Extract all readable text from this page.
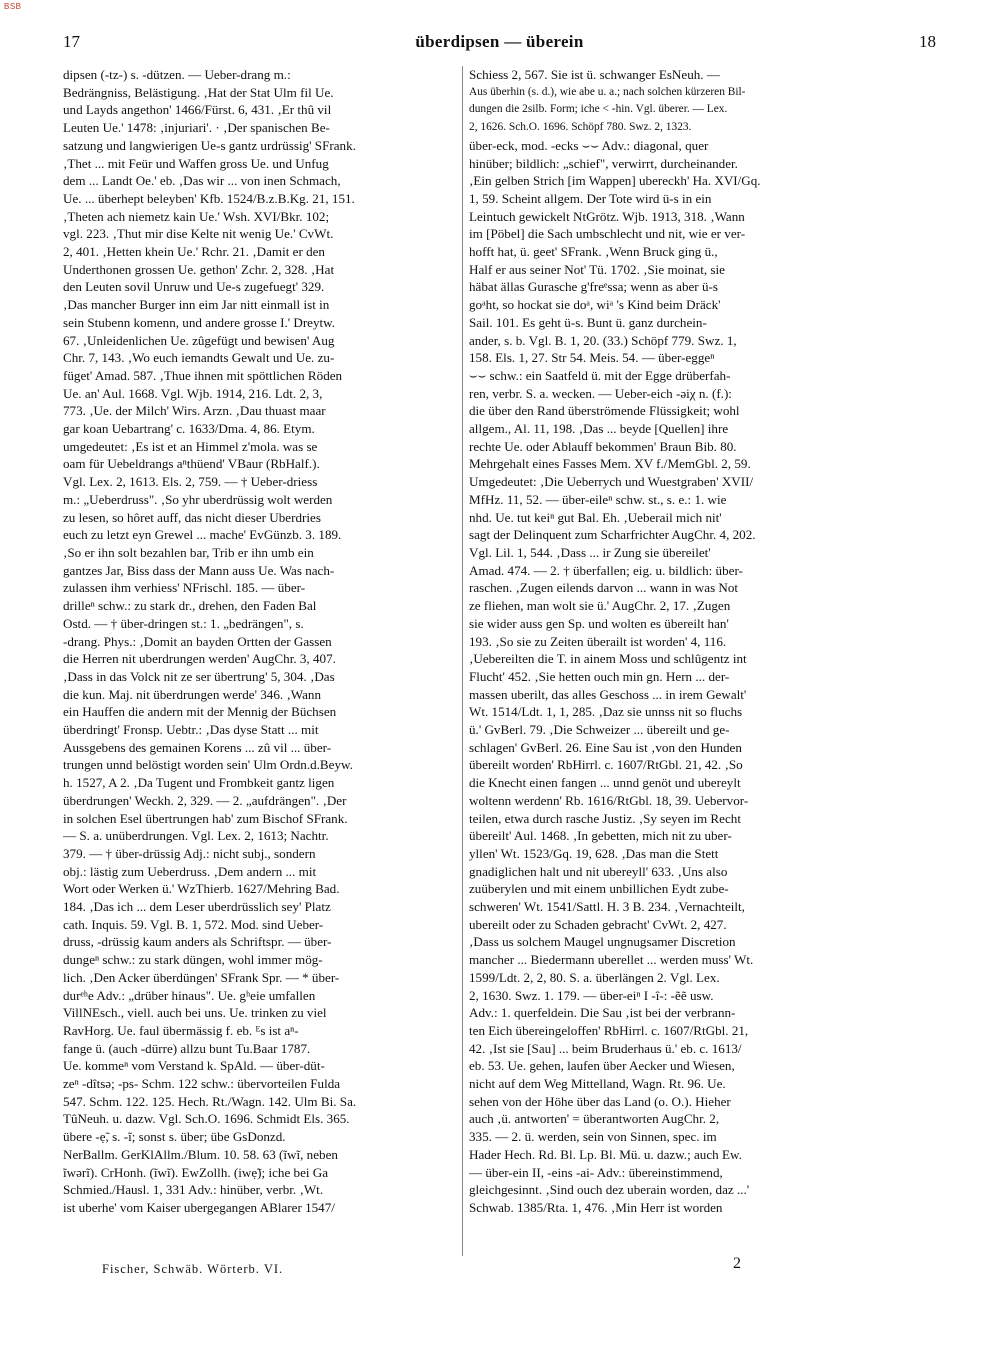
BSB
17	überdipsen — überein	18
dipsen (-tz-) s. -dützen. — Ueber-drang m.:
Bedrängniss, Belästigung. ‚Hat der Stat Ulm fil Ue.
und Layds angethon' 1466/Fürst. 6, 431. ‚Er thû vil
Leuten Ue.' 1478: ‚injuriari'. · ‚Der spanischen Be-
satzung und langwierigen Ue-s gantz urdrüssig' SFrank.
‚Thet ... mit Feür und Waffen gross Ue. und Unfug
dem ... Landt Oe.' eb. ‚Das wir ... von inen Schmach,
Ue. ... überhept beleyben' Kfb. 1524/B.z.B.Kg. 21, 151.
‚Theten ach niemetz kain Ue.' Wsh. XVI/Bkr. 102;
vgl. 223. ‚Thut mir dise Kelte nit wenig Ue.' CvWt.
2, 401. ‚Hetten khein Ue.' Rchr. 21. ‚Damit er den
Underthonen grossen Ue. gethon' Zchr. 2, 328. ‚Hat
den Leuten sovil Unruw und Ue-s zugefuegt' 329.
‚Das mancher Burger inn eim Jar nitt einmall ist in
sein Stubenn komenn, und andere grosse I.' Dreytw.
67. ‚Unleidenlichen Ue. zûgefügt und bewisen' Aug
Chr. 7, 143. ‚Wo euch iemandts Gewalt und Ue. zu-
füget' Amad. 587. ‚Thue ihnen mit spöttlichen Röden
Ue. an' Aul. 1668. Vgl. Wjb. 1914, 216. Ldt. 2, 3,
773. ‚Ue. der Milch' Wirs. Arzn. ‚Dau thuast maar
gar koan Uebartrang' c. 1633/Dma. 4, 86. Etym.
umgedeutet: ‚Es ist et an Himmel z'mola. was se
oam für Uebeldrangs aⁿthüend' VBaur (RbHalf.).
Vgl. Lex. 2, 1613. Els. 2, 759. — † Ueber-driess
m.: „Ueberdruss". ‚So yhr uberdrüssig wolt werden
zu lesen, so hôret auff, das nicht dieser Uberdries
euch zu letzt eyn Grewel ... mache' EvGünzb. 3. 189.
‚So er ihn solt bezahlen bar, Trib er ihn umb ein
gantzes Jar, Biss dass der Mann auss Ue. Was nach-
zulassen ihm verhiess' NFrischl. 185. — über-
drilleⁿ schw.: zu stark dr., drehen, den Faden Bal
Ostd. — † über-dringen st.: 1. „bedrängen", s.
-drang. Phys.: ‚Domit an bayden Ortten der Gassen
die Herren nit uberdrungen werden' AugChr. 3, 407.
‚Dass in das Volck nit ze ser übertrung' 5, 304. ‚Das
die kun. Maj. nit überdrungen werde' 346. ‚Wann
ein Hauffen die andern mit der Mennig der Büchsen
überdringt' Fronsp. Uebtr.: ‚Das dyse Statt ... mit
Aussgebens des gemainen Korens ... zû vil ... über-
trungen unnd belöstigt worden sein' Ulm Ordn.d.Beyw.
h. 1527, A 2. ‚Da Tugent und Frombkeit gantz ligen
überdrungen' Weckh. 2, 329. — 2. „aufdrängen". ‚Der
in solchen Esel übertrungen hab' zum Bischof SFrank.
— S. a. unüberdrungen. Vgl. Lex. 2, 1613; Nachtr.
379. — † über-drüssig Adj.: nicht subj., sondern
obj.: lästig zum Ueberdruss. ‚Dem andern ... mit
Wort oder Werken ü.' WzThierb. 1627/Mehring Bad.
184. ‚Das ich ... dem Leser uberdrüsslich sey' Platz
cath. Inquis. 59. Vgl. B. 1, 572. Mod. sind Ueber-
druss, -drüssig kaum anders als Schriftspr. — über-
dungeⁿ schw.: zu stark düngen, wohl immer mög-
lich. ‚Den Acker überdüngen' SFrank Spr. — * über-
durᵉʰe Adv.: „drüber hinaus". Ue. gʰeie umfallen
VillNEsch., viell. auch bei uns. Ue. trinken zu viel
RavHorg. Ue. faul übermässig f. eb. ᴱs ist aⁿ-
fange ü. (auch -dürre) allzu bunt Tu.Baar 1787.
Ue. kommeⁿ vom Verstand k. SpAld. — über-düt-
zeⁿ -dîtsə; -ps- Schm. 122 schw.: übervorteilen Fulda
547. Schm. 122. 125. Hech. Rt./Wagn. 142. Ulm Bi. Sa.
TûNeuh. u. dazw. Vgl. Sch.O. 1696. Schmidt Els. 365.
übere -ẹ̃, s. -ĩ; sonst s. über; übe GsDonzd.
NerBallm. GerKlAllm./Blum. 10. 58. 63 (ĩwĩ, neben
ĩwərĩ). CrHonh. (ĩwĩ). EwZollh. (iwẹ̃); iche bei Ga
Schmied./Hausl. 1, 331 Adv.: hinüber, verbr. ‚Wt.
ist uberhe' vom Kaiser ubergegangen ABlarer 1547/
Schiess 2, 567. Sie ist ü. schwanger EsNeuh. —
Aus überhin (s. d.), wie abe u. a.; nach solchen kürzeren Bil-
dungen die 2silb. Form; iche < -hin. Vgl. überer. — Lex.
2, 1626. Sch.O. 1696. Schöpf 780. Swz. 2, 1323.
über-eck, mod. -ecks ⌣⌣ Adv.: diagonal, quer
hinüber; bildlich: „schief", verwirrt, durcheinander.
‚Ein gelben Strich [im Wappen] ubereckh' Ha. XVI/Gq.
1, 59. Scheint allgem. Der Tote wird ü-s in ein
Leintuch gewickelt NtGrötz. Wjb. 1913, 318. ‚Wann
im [Pöbel] die Sach umbschlecht und nit, wie er ver-
hofft hat, ü. geet' SFrank. ‚Wenn Bruck ging ü.,
Half er aus seiner Not' Tü. 1702. ‚Sie moinat, sie
häbat ällas Gurasche g'freᵉssa; wenn as aber ü-s
goᵃht, so hockat sie doᵃ, wiᵃ 's Kind beim Dräck'
Sail. 101. Es geht ü-s. Bunt ü. ganz durchein-
ander, s. b. Vgl. B. 1, 20. (33.) Schöpf 779. Swz. 1,
158. Els. 1, 27. Str 54. Meis. 54. — über-eggeⁿ
⌣⌣ schw.: ein Saatfeld ü. mit der Egge drüberfah-
ren, verbr. S. a. wecken. — Ueber-eich -əiχ n. (f.):
die über den Rand überströmende Flüssigkeit; wohl
allgem., Al. 11, 198. ‚Das ... beyde [Quellen] ihre
rechte Ue. oder Ablauff bekommen' Braun Bib. 80.
Mehrgehalt eines Fasses Mem. XV f./MemGbl. 2, 59.
Umgedeutet: ‚Die Ueberrych und Wuestgraben' XVII/
MfHz. 11, 52. — über-eileⁿ schw. st., s. e.: 1. wie
nhd. Ue. tut keiⁿ gut Bal. Eh. ‚Ueberail mich nit'
sagt der Delinquent zum Scharfrichter AugChr. 4, 202.
Vgl. Lil. 1, 544. ‚Dass ... ir Zung sie übereilet'
Amad. 474. — 2. † überfallen; eig. u. bildlich: über-
raschen. ‚Zugen eilends darvon ... wann in was Not
ze fliehen, man wolt sie ü.' AugChr. 2, 17. ‚Zugen
sie wider auss gen Sp. und wolten es übereilt han'
193. ‚So sie zu Zeiten überailt ist worden' 4, 116.
‚Uebereilten die T. in ainem Moss und schlûgentz int
Flucht' 452. ‚Sie hetten ouch min gn. Hern ... der-
massen uberilt, das alles Geschoss ... in irem Gewalt'
Wt. 1514/Ldt. 1, 1, 285. ‚Daz sie unnss nit so fluchs
ü.' GvBerl. 79. ‚Die Schweizer ... übereilt und ge-
schlagen' GvBerl. 26. Eine Sau ist ‚von den Hunden
übereilt worden' RbHirrl. c. 1607/RtGbl. 21, 42. ‚So
die Knecht einen fangen ... unnd genöt und ubereylt
woltenn werdenn' Rb. 1616/RtGbl. 18, 39. Uebervor-
teilen, etwa durch rasche Justiz. ‚Sy seyen im Recht
übereilt' Aul. 1468. ‚In gebetten, mich nit zu uber-
yllen' Wt. 1523/Gq. 19, 628. ‚Das man die Stett
gnadiglichen halt und nit ubereyll' 633. ‚Uns also
zuüberylen und mit einem unbillichen Eydt zube-
schweren' Wt. 1541/Sattl. H. 3 B. 234. ‚Vernachteilt,
ubereilt oder zu Schaden gebracht' CvWt. 2, 427.
‚Dass us solchem Maugel ungnugsamer Discretion
mancher ... Biedermann uberellet ... werden muss' Wt.
1599/Ldt. 2, 2, 80. S. a. überlängen 2. Vgl. Lex.
2, 1630. Swz. 1. 179. — über-eiⁿ I -î-: -ẽẽ usw.
Adv.: 1. querfeldein. Die Sau ‚ist bei der verbrann-
ten Eich übereingeloffen' RbHirrl. c. 1607/RtGbl. 21,
42. ‚Ist sie [Sau] ... beim Bruderhaus ü.' eb. c. 1613/
eb. 53. Ue. gehen, laufen über Aecker und Wiesen,
nicht auf dem Weg Mittelland, Wagn. Rt. 96. Ue.
sehen von der Höhe über das Land (o. O.). Hieher
auch ‚ü. antworten' = überantworten AugChr. 2,
335. — 2. ü. werden, sein von Sinnen, spec. im
Hader Hech. Rd. Bl. Lp. Bl. Mü. u. dazw.; auch Ew.
— über-ein II, -eins -ai- Adv.: übereinstimmend,
gleichgesinnt. ‚Sind ouch dez uberain worden, daz ...'
Schwab. 1385/Rta. 1, 476. ‚Min Herr ist worden
Fischer, Schwäb. Wörterb. VI.	2
